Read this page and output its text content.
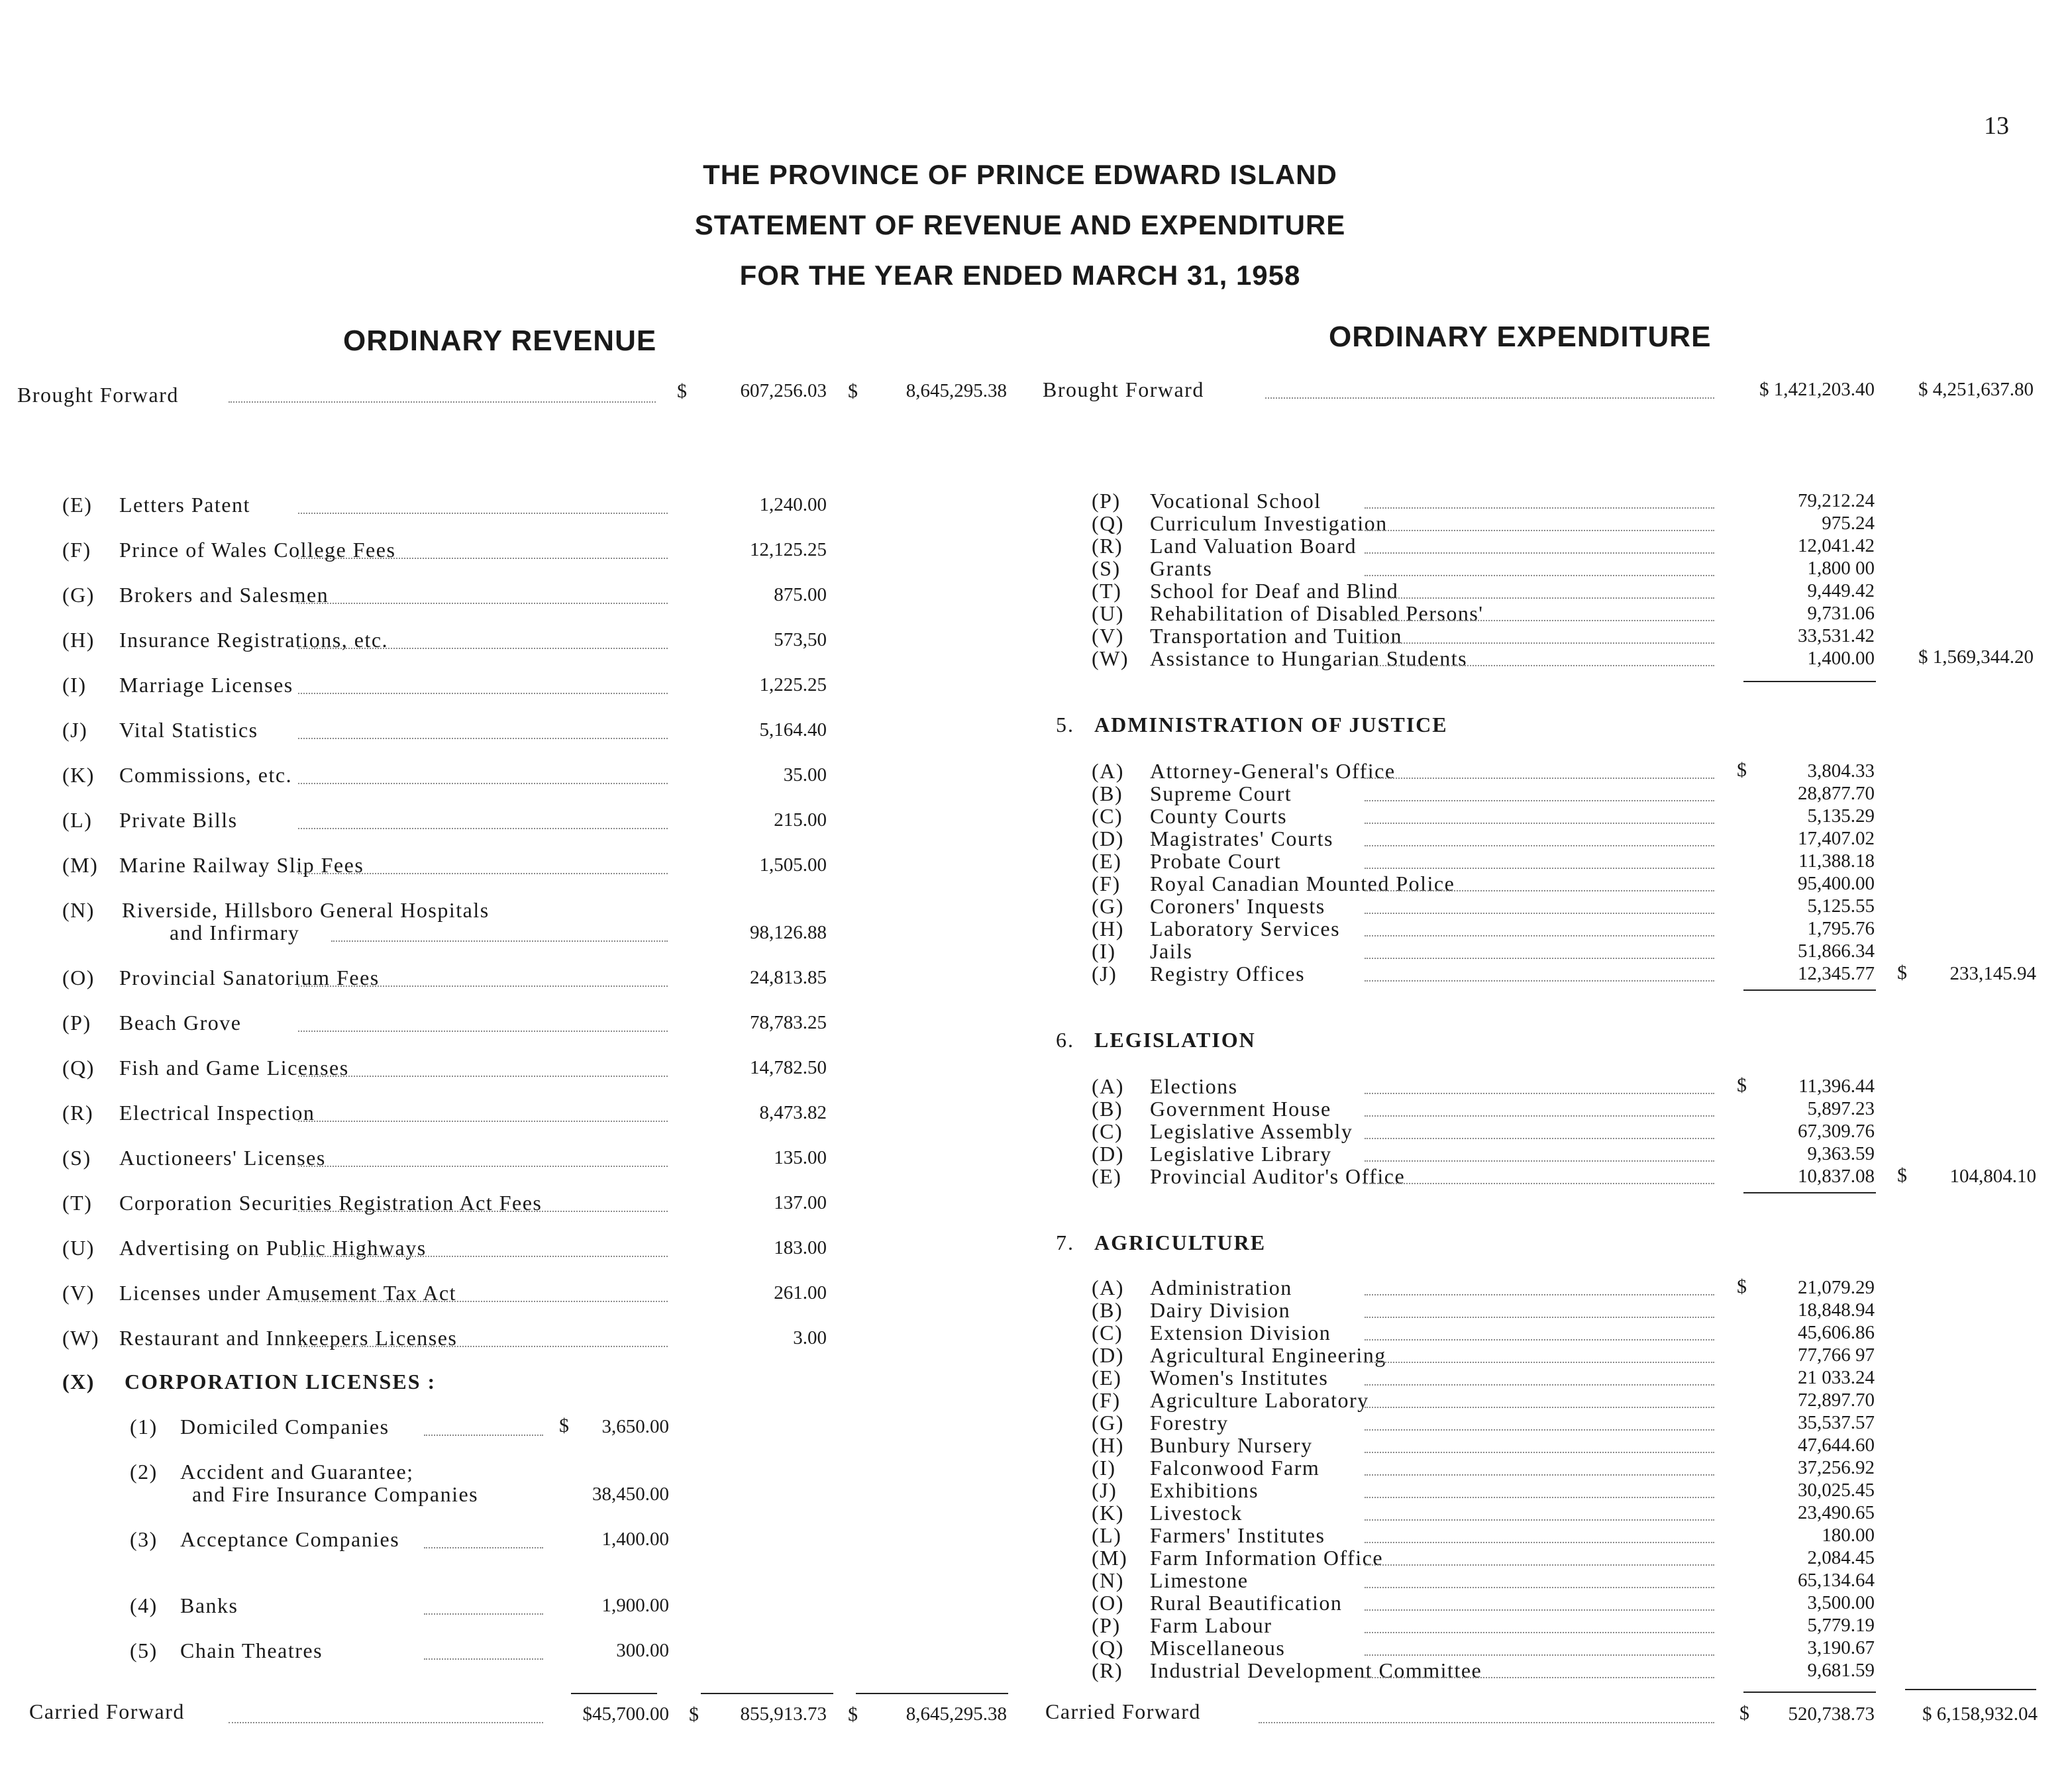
13
THE PROVINCE OF PRINCE EDWARD ISLAND
STATEMENT OF REVENUE AND EXPENDITURE
FOR THE YEAR ENDED MARCH 31, 1958
ORDINARY REVENUE	ORDINARY EXPENDITURE
Brought Forward	$	607,256.03 $	8,645,295.38
(E) Letters Patent	1,240.00
(F) Prince of Wales College Fees	12,125.25
(G) Brokers and Salesmen	875.00
(H) Insurance Registrations, etc.	573,50
(I) Marriage Licenses	1,225.25
(J) Vital Statistics	5,164.40
(K) Commissions, etc.	35.00
(L) Private Bills	215.00
(M) Marine Railway Slip Fees	1,505.00
(N) Riverside, Hillsboro General Hospitals
and Infirmary	98,126.88
(O) Provincial Sanatorium Fees	24,813.85
(P) Beach Grove	78,783.25
(Q) Fish and Game Licenses	14,782.50
(R) Electrical Inspection	8,473.82
(S) Auctioneers' Licenses	135.00
(T) Corporation Securities Registration Act Fees	137.00
(U) Advertising on Public Highways	183.00
(V) Licenses under Amusement Tax Act	261.00
(W) Restaurant and Innkeepers Licenses	3.00
(X) CORPORATION LICENSES :
(1) Domiciled Companies	$ 3,650.00
(2) Accident and Guarantee;
and Fire Insurance Companies	38,450.00
(3) Acceptance Companies	1,400.00
(4) Banks	1,900.00
(5) Chain Theatres	300.00
Carried Forward	$45,700.00 $ 855,913.73 $	8,645,295.38
Brought Forward	$ 1,421,203.40 $ 4,251,637.80
(P) Vocational School	79,212.24
(Q) Curriculum Investigation	975.24
(R) Land Valuation Board	12,041.42
(S) Grants	1,800 00
(T) School for Deaf and Blind	9,449.42
(U) Rehabilitation of Disabled Persons'	9,731.06
(V) Transportation and Tuition	33,531.42
(W) Assistance to Hungarian Students	1,400.00 $ 1,569,344.20
5. ADMINISTRATION OF JUSTICE
(A) Attorney-General's Office	$	3,804.33
(B) Supreme Court	28,877.70
(C) County Courts	5,135.29
(D) Magistrates' Courts	17,407.02
(E) Probate Court	11,388.18
(F) Royal Canadian Mounted Police	95,400.00
(G) Coroners' Inquests	5,125.55
(H) Laboratory Services	1,795.76
(I) Jails	51,866.34
(J) Registry Offices	12,345.77 $ 233,145.94
6. LEGISLATION
(A) Elections	$	11,396.44
(B) Government House	5,897.23
(C) Legislative Assembly	67,309.76
(D) Legislative Library	9,363.59
(E) Provincial Auditor's Office	10,837.08 $ 104,804.10
7. AGRICULTURE
(A) Administration	$	21,079.29
(B) Dairy Division	18,848.94
(C) Extension Division	45,606.86
(D) Agricultural Engineering	77,766 97
(E) Women's Institutes	21 033.24
(F) Agriculture Laboratory	72,897.70
(G) Forestry	35,537.57
(H) Bunbury Nursery	47,644.60
(I) Falconwood Farm	37,256.92
(J) Exhibitions	30,025.45
(K) Livestock	23,490.65
(L) Farmers' Institutes	180.00
(M) Farm Information Office	2,084.45
(N) Limestone	65,134.64
(O) Rural Beautification	3,500.00
(P) Farm Labour	5,779.19
(Q) Miscellaneous	3,190.67
(R) Industrial Development Committee	9,681.59
Carried Forward	$ 520,738.73 $ 6,158,932.04
